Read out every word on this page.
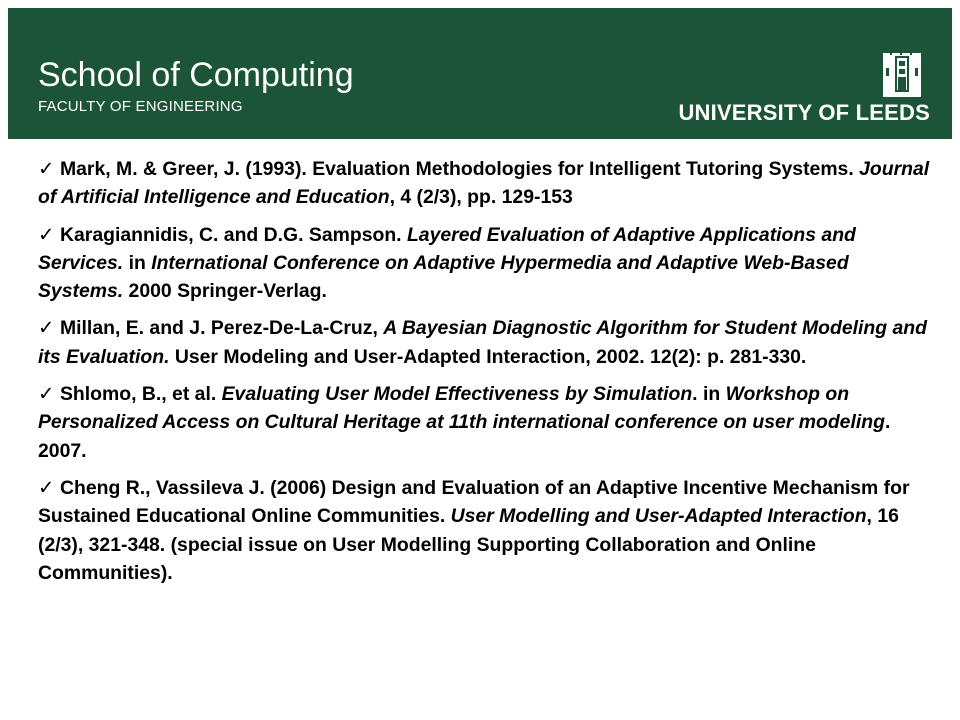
School of Computing
FACULTY OF ENGINEERING	UNIVERSITY OF LEEDS
✓ Mark, M. & Greer, J. (1993). Evaluation Methodologies for Intelligent Tutoring Systems. Journal of Artificial Intelligence and Education, 4 (2/3), pp. 129-153
✓ Karagiannidis, C. and D.G. Sampson. Layered Evaluation of Adaptive Applications and Services. in International Conference on Adaptive Hypermedia and Adaptive Web-Based Systems. 2000 Springer-Verlag.
✓ Millan, E. and J. Perez-De-La-Cruz, A Bayesian Diagnostic Algorithm for Student Modeling and its Evaluation. User Modeling and User-Adapted Interaction, 2002. 12(2): p. 281-330.
✓ Shlomo, B., et al. Evaluating User Model Effectiveness by Simulation. in Workshop on Personalized Access on Cultural Heritage at 11th international conference on user modeling. 2007.
✓ Cheng R., Vassileva J. (2006) Design and Evaluation of an Adaptive Incentive Mechanism for Sustained Educational Online Communities. User Modelling and User-Adapted Interaction, 16 (2/3), 321-348. (special issue on User Modelling Supporting Collaboration and Online Communities).
